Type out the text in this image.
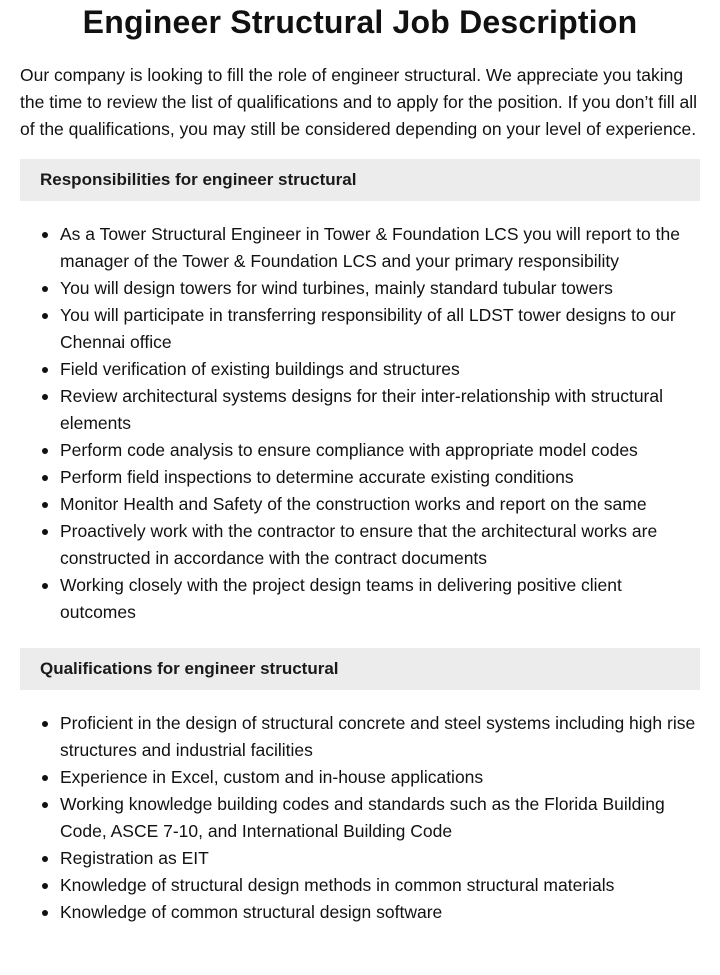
Engineer Structural Job Description

Our company is looking to fill the role of engineer structural. We appreciate you taking the time to review the list of qualifications and to apply for the position. If you don’t fill all of the qualifications, you may still be considered depending on your level of experience.

Responsibilities for engineer structural
As a Tower Structural Engineer in Tower & Foundation LCS you will report to the manager of the Tower & Foundation LCS and your primary responsibility
You will design towers for wind turbines, mainly standard tubular towers
You will participate in transferring responsibility of all LDST tower designs to our Chennai office
Field verification of existing buildings and structures
Review architectural systems designs for their inter-relationship with structural elements
Perform code analysis to ensure compliance with appropriate model codes
Perform field inspections to determine accurate existing conditions
Monitor Health and Safety of the construction works and report on the same
Proactively work with the contractor to ensure that the architectural works are constructed in accordance with the contract documents
Working closely with the project design teams in delivering positive client outcomes
Qualifications for engineer structural
Proficient in the design of structural concrete and steel systems including high rise structures and industrial facilities
Experience in Excel, custom and in-house applications
Working knowledge building codes and standards such as the Florida Building Code, ASCE 7-10, and International Building Code
Registration as EIT
Knowledge of structural design methods in common structural materials
Knowledge of common structural design software
